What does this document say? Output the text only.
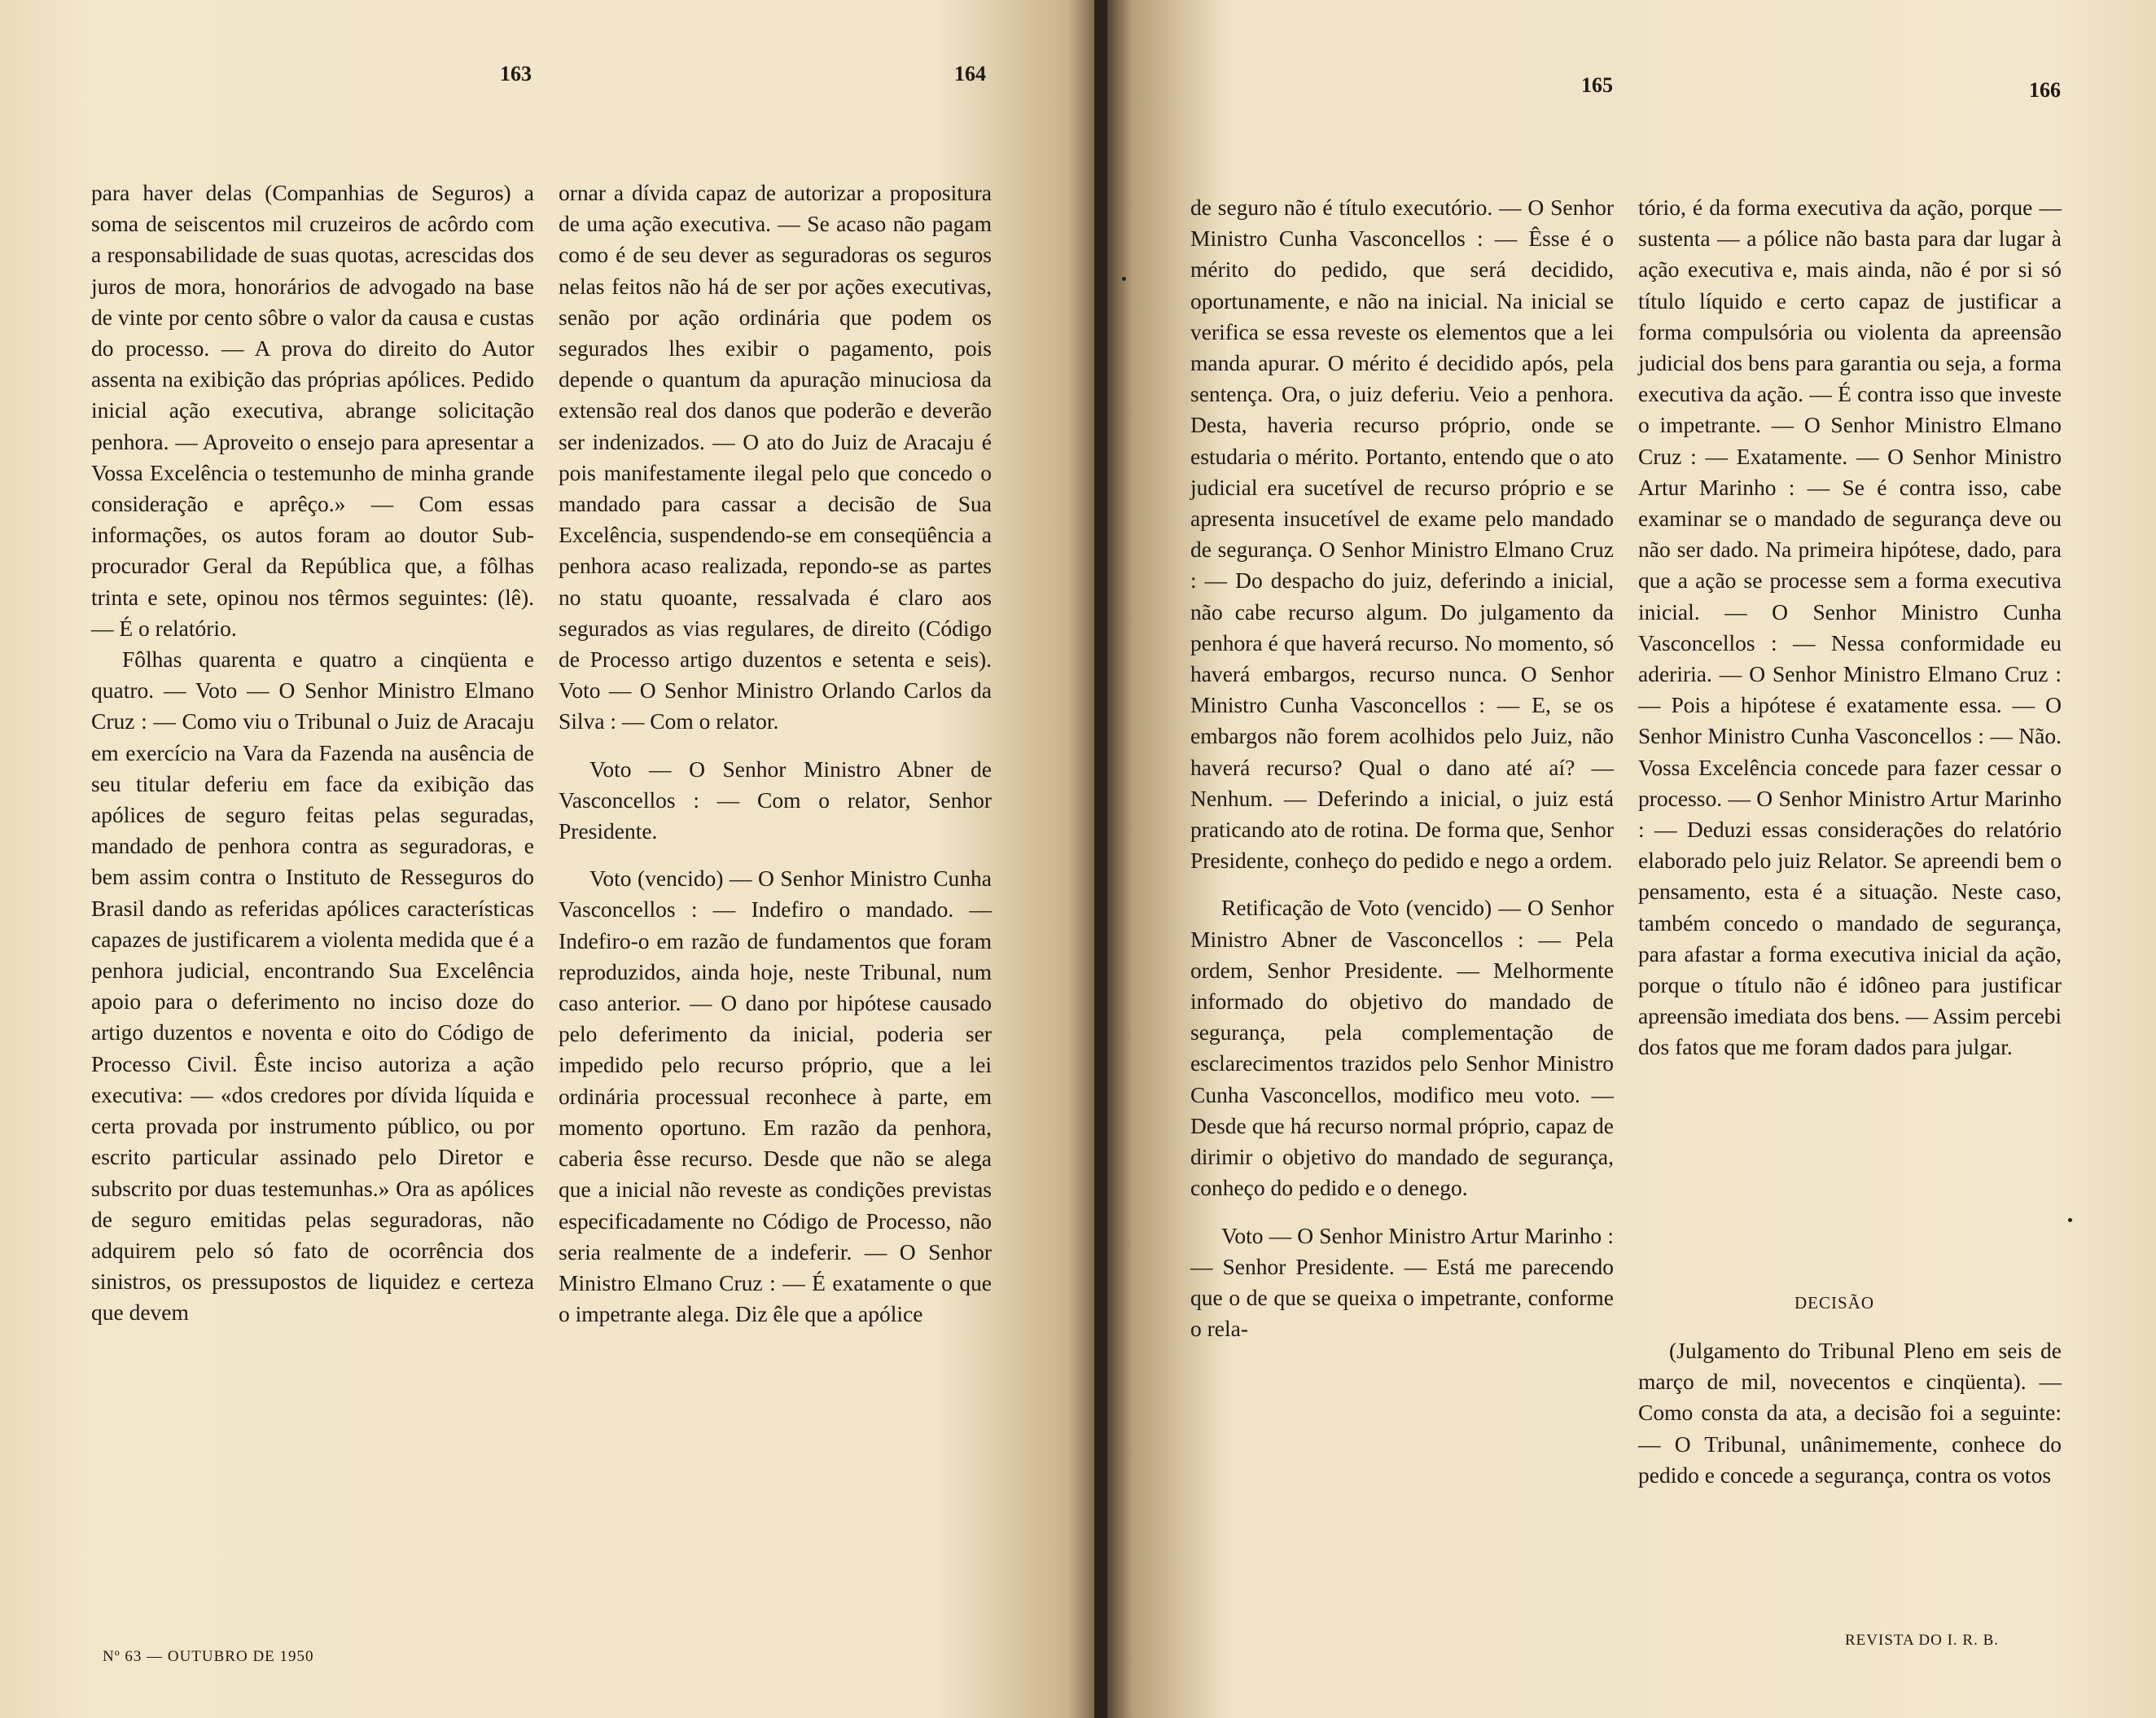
163	164	165	166

para haver delas (Companhias de Seguros) a soma de seiscentos mil cruzeiros de acôrdo com a responsabilidade de suas quotas, acrescidas dos juros de mora, honorários de advogado na base de vinte por cento sôbre o valor da causa e custas do processo. — A prova do direito do Autor assenta na exibição das próprias apólices. Pedido inicial ação executiva, abrange solicitação penhora. — Aproveito o ensejo para apresentar a Vossa Excelência o testemunho de minha grande consideração e aprêço.» — Com essas informações, os autos foram ao doutor Sub-procurador Geral da República que, a fôlhas trinta e sete, opinou nos têrmos seguintes: (lê). — É o relatório.

Fôlhas quarenta e quatro a cinqüenta e quatro. — Voto — O Senhor Ministro Elmano Cruz : — Como viu o Tribunal o Juiz de Aracaju em exercício na Vara da Fazenda na ausência de seu titular deferiu em face da exibição das apólices de seguro feitas pelas seguradas, mandado de penhora contra as seguradoras, e bem assim contra o Instituto de Resseguros do Brasil dando as referidas apólices características capazes de justificarem a violenta medida que é a penhora judicial, encontrando Sua Excelência apoio para o deferimento no inciso doze do artigo duzentos e noventa e oito do Código de Processo Civil. Êste inciso autoriza a ação executiva: — «dos credores por dívida líquida e certa provada por instrumento público, ou por escrito particular assinado pelo Diretor e subscrito por duas testemunhas.» Ora as apólices de seguro emitidas pelas seguradoras, não adquirem pelo só fato de ocorrência dos sinistros, os pressupostos de liquidez e certeza que devem

ornar a dívida capaz de autorizar a propositura de uma ação executiva. — Se acaso não pagam como é de seu dever as seguradoras os seguros nelas feitos não há de ser por ações executivas, senão por ação ordinária que podem os segurados lhes exibir o pagamento, pois depende o quantum da apuração minuciosa da extensão real dos danos que poderão e deverão ser indenizados. — O ato do Juiz de Aracaju é pois manifestamente ilegal pelo que concedo o mandado para cassar a decisão de Sua Excelência, suspendendo-se em conseqüência a penhora acaso realizada, repondo-se as partes no statu quoante, ressalvada é claro aos segurados as vias regulares, de direito (Código de Processo artigo duzentos e setenta e seis). Voto — O Senhor Ministro Orlando Carlos da Silva : — Com o relator.

Voto — O Senhor Ministro Abner de Vasconcellos : — Com o relator, Senhor Presidente.

Voto (vencido) — O Senhor Ministro Cunha Vasconcellos : — Indefiro o mandado. — Indefiro-o em razão de fundamentos que foram reproduzidos, ainda hoje, neste Tribunal, num caso anterior. — O dano por hipótese causado pelo deferimento da inicial, poderia ser impedido pelo recurso próprio, que a lei ordinária processual reconhece à parte, em momento oportuno. Em razão da penhora, caberia êsse recurso. Desde que não se alega que a inicial não reveste as condições previstas especificadamente no Código de Processo, não seria realmente de a indeferir. — O Senhor Ministro Elmano Cruz : — É exatamente o que o impetrante alega. Diz êle que a apólice

de seguro não é título executório. — O Senhor Ministro Cunha Vasconcellos : — Êsse é o mérito do pedido, que será decidido, oportunamente, e não na inicial. Na inicial se verifica se essa reveste os elementos que a lei manda apurar. O mérito é decidido após, pela sentença. Ora, o juiz deferiu. Veio a penhora. Desta, haveria recurso próprio, onde se estudaria o mérito. Portanto, entendo que o ato judicial era sucetível de recurso próprio e se apresenta insucetível de exame pelo mandado de segurança. O Senhor Ministro Elmano Cruz : — Do despacho do juiz, deferindo a inicial, não cabe recurso algum. Do julgamento da penhora é que haverá recurso. No momento, só haverá embargos, recurso nunca. O Senhor Ministro Cunha Vasconcellos : — E, se os embargos não forem acolhidos pelo Juiz, não haverá recurso? Qual o dano até aí? — Nenhum. — Deferindo a inicial, o juiz está praticando ato de rotina. De forma que, Senhor Presidente, conheço do pedido e nego a ordem.

Retificação de Voto (vencido) — O Senhor Ministro Abner de Vasconcellos : — Pela ordem, Senhor Presidente. — Melhormente informado do objetivo do mandado de segurança, pela complementação de esclarecimentos trazidos pelo Senhor Ministro Cunha Vasconcellos, modifico meu voto. — Desde que há recurso normal próprio, capaz de dirimir o objetivo do mandado de segurança, conheço do pedido e o denego.

Voto — O Senhor Ministro Artur Marinho : — Senhor Presidente. — Está me parecendo que o de que se queixa o impetrante, conforme o rela-

tório, é da forma executiva da ação, porque — sustenta — a pólice não basta para dar lugar à ação executiva e, mais ainda, não é por si só título líquido e certo capaz de justificar a forma compulsória ou violenta da apreensão judicial dos bens para garantia ou seja, a forma executiva da ação. — É contra isso que investe o impetrante. — O Senhor Ministro Elmano Cruz : — Exatamente. — O Senhor Ministro Artur Marinho : — Se é contra isso, cabe examinar se o mandado de segurança deve ou não ser dado. Na primeira hipótese, dado, para que a ação se processe sem a forma executiva inicial. — O Senhor Ministro Cunha Vasconcellos : — Nessa conformidade eu aderiria. — O Senhor Ministro Elmano Cruz : — Pois a hipótese é exatamente essa. — O Senhor Ministro Cunha Vasconcellos : — Não. Vossa Excelência concede para fazer cessar o processo. — O Senhor Ministro Artur Marinho : — Deduzi essas considerações do relatório elaborado pelo juiz Relator. Se apreendi bem o pensamento, esta é a situação. Neste caso, também concedo o mandado de segurança, para afastar a forma executiva inicial da ação, porque o título não é idôneo para justificar apreensão imediata dos bens. — Assim percebi dos fatos que me foram dados para julgar.

DECISÃO

(Julgamento do Tribunal Pleno em seis de março de mil, novecentos e cinqüenta). — Como consta da ata, a decisão foi a seguinte: — O Tribunal, unânimemente, conhece do pedido e concede a segurança, contra os votos

Nº 63 — OUTUBRO DE 1950
REVISTA DO I. R. B.
